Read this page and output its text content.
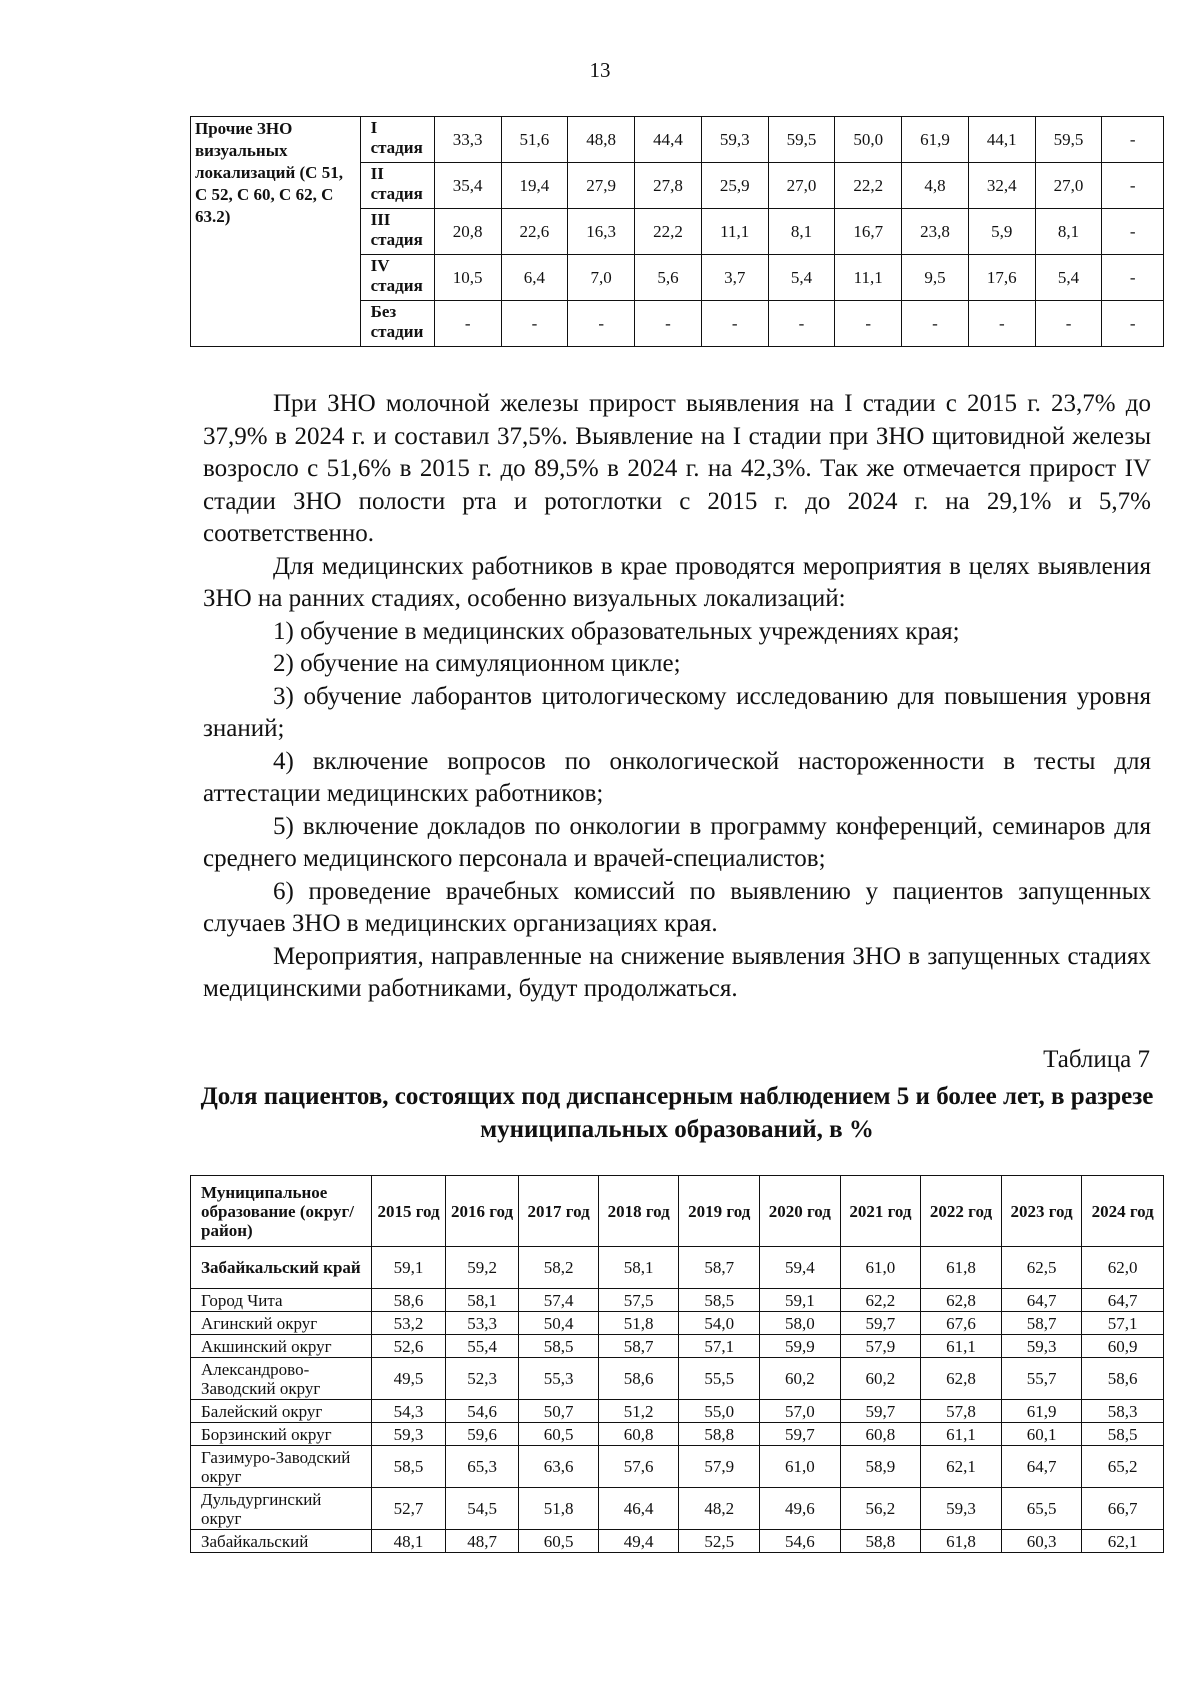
13
Прочие ЗНО визуальных локализаций (С 51, С 52, С 60, С 62, С 63.2)	I стадия	33,3	51,6	48,8	44,4	59,3	59,5	50,0	61,9	44,1	59,5	-
	II стадия	35,4	19,4	27,9	27,8	25,9	27,0	22,2	4,8	32,4	27,0	-
	III стадия	20,8	22,6	16,3	22,2	11,1	8,1	16,7	23,8	5,9	8,1	-
	IV стадия	10,5	6,4	7,0	5,6	3,7	5,4	11,1	9,5	17,6	5,4	-
	Без стадии	-	-	-	-	-	-	-	-	-	-	-

При ЗНО молочной железы прирост выявления на I стадии с 2015 г. 23,7% до 37,9% в 2024 г. и составил 37,5%. Выявление на I стадии при ЗНО щитовидной железы возросло с 51,6% в 2015 г. до 89,5% в 2024 г. на 42,3%. Так же отмечается прирост IV стадии ЗНО полости рта и ротоглотки с 2015 г. до 2024 г. на 29,1% и 5,7% соответственно.

Для медицинских работников в крае проводятся мероприятия в целях выявления ЗНО на ранних стадиях, особенно визуальных локализаций:

1) обучение в медицинских образовательных учреждениях края;

2) обучение на симуляционном цикле;

3) обучение лаборантов цитологическому исследованию для повышения уровня знаний;

4) включение вопросов по онкологической настороженности в тесты для аттестации медицинских работников;

5) включение докладов по онкологии в программу конференций, семинаров для среднего медицинского персонала и врачей-специалистов;

6) проведение врачебных комиссий по выявлению у пациентов запущенных случаев ЗНО в медицинских организациях края.

Мероприятия, направленные на снижение выявления ЗНО в запущенных стадиях медицинскими работниками, будут продолжаться.

Таблица 7
Доля пациентов, состоящих под диспансерным наблюдением 5 и более лет, в разрезе муниципальных образований, в %
Муниципальное образование (округ/район)	2015 год	2016 год	2017 год	2018 год	2019 год	2020 год	2021 год	2022 год	2023 год	2024 год
Забайкальский край	59,1	59,2	58,2	58,1	58,7	59,4	61,0	61,8	62,5	62,0
Город Чита	58,6	58,1	57,4	57,5	58,5	59,1	62,2	62,8	64,7	64,7
Агинский округ	53,2	53,3	50,4	51,8	54,0	58,0	59,7	67,6	58,7	57,1
Акшинский округ	52,6	55,4	58,5	58,7	57,1	59,9	57,9	61,1	59,3	60,9
Александрово-Заводский округ	49,5	52,3	55,3	58,6	55,5	60,2	60,2	62,8	55,7	58,6
Балейский округ	54,3	54,6	50,7	51,2	55,0	57,0	59,7	57,8	61,9	58,3
Борзинский округ	59,3	59,6	60,5	60,8	58,8	59,7	60,8	61,1	60,1	58,5
Газимуро-Заводский округ	58,5	65,3	63,6	57,6	57,9	61,0	58,9	62,1	64,7	65,2
Дульдургинский округ	52,7	54,5	51,8	46,4	48,2	49,6	56,2	59,3	65,5	66,7
Забайкальский	48,1	48,7	60,5	49,4	52,5	54,6	58,8	61,8	60,3	62,1
